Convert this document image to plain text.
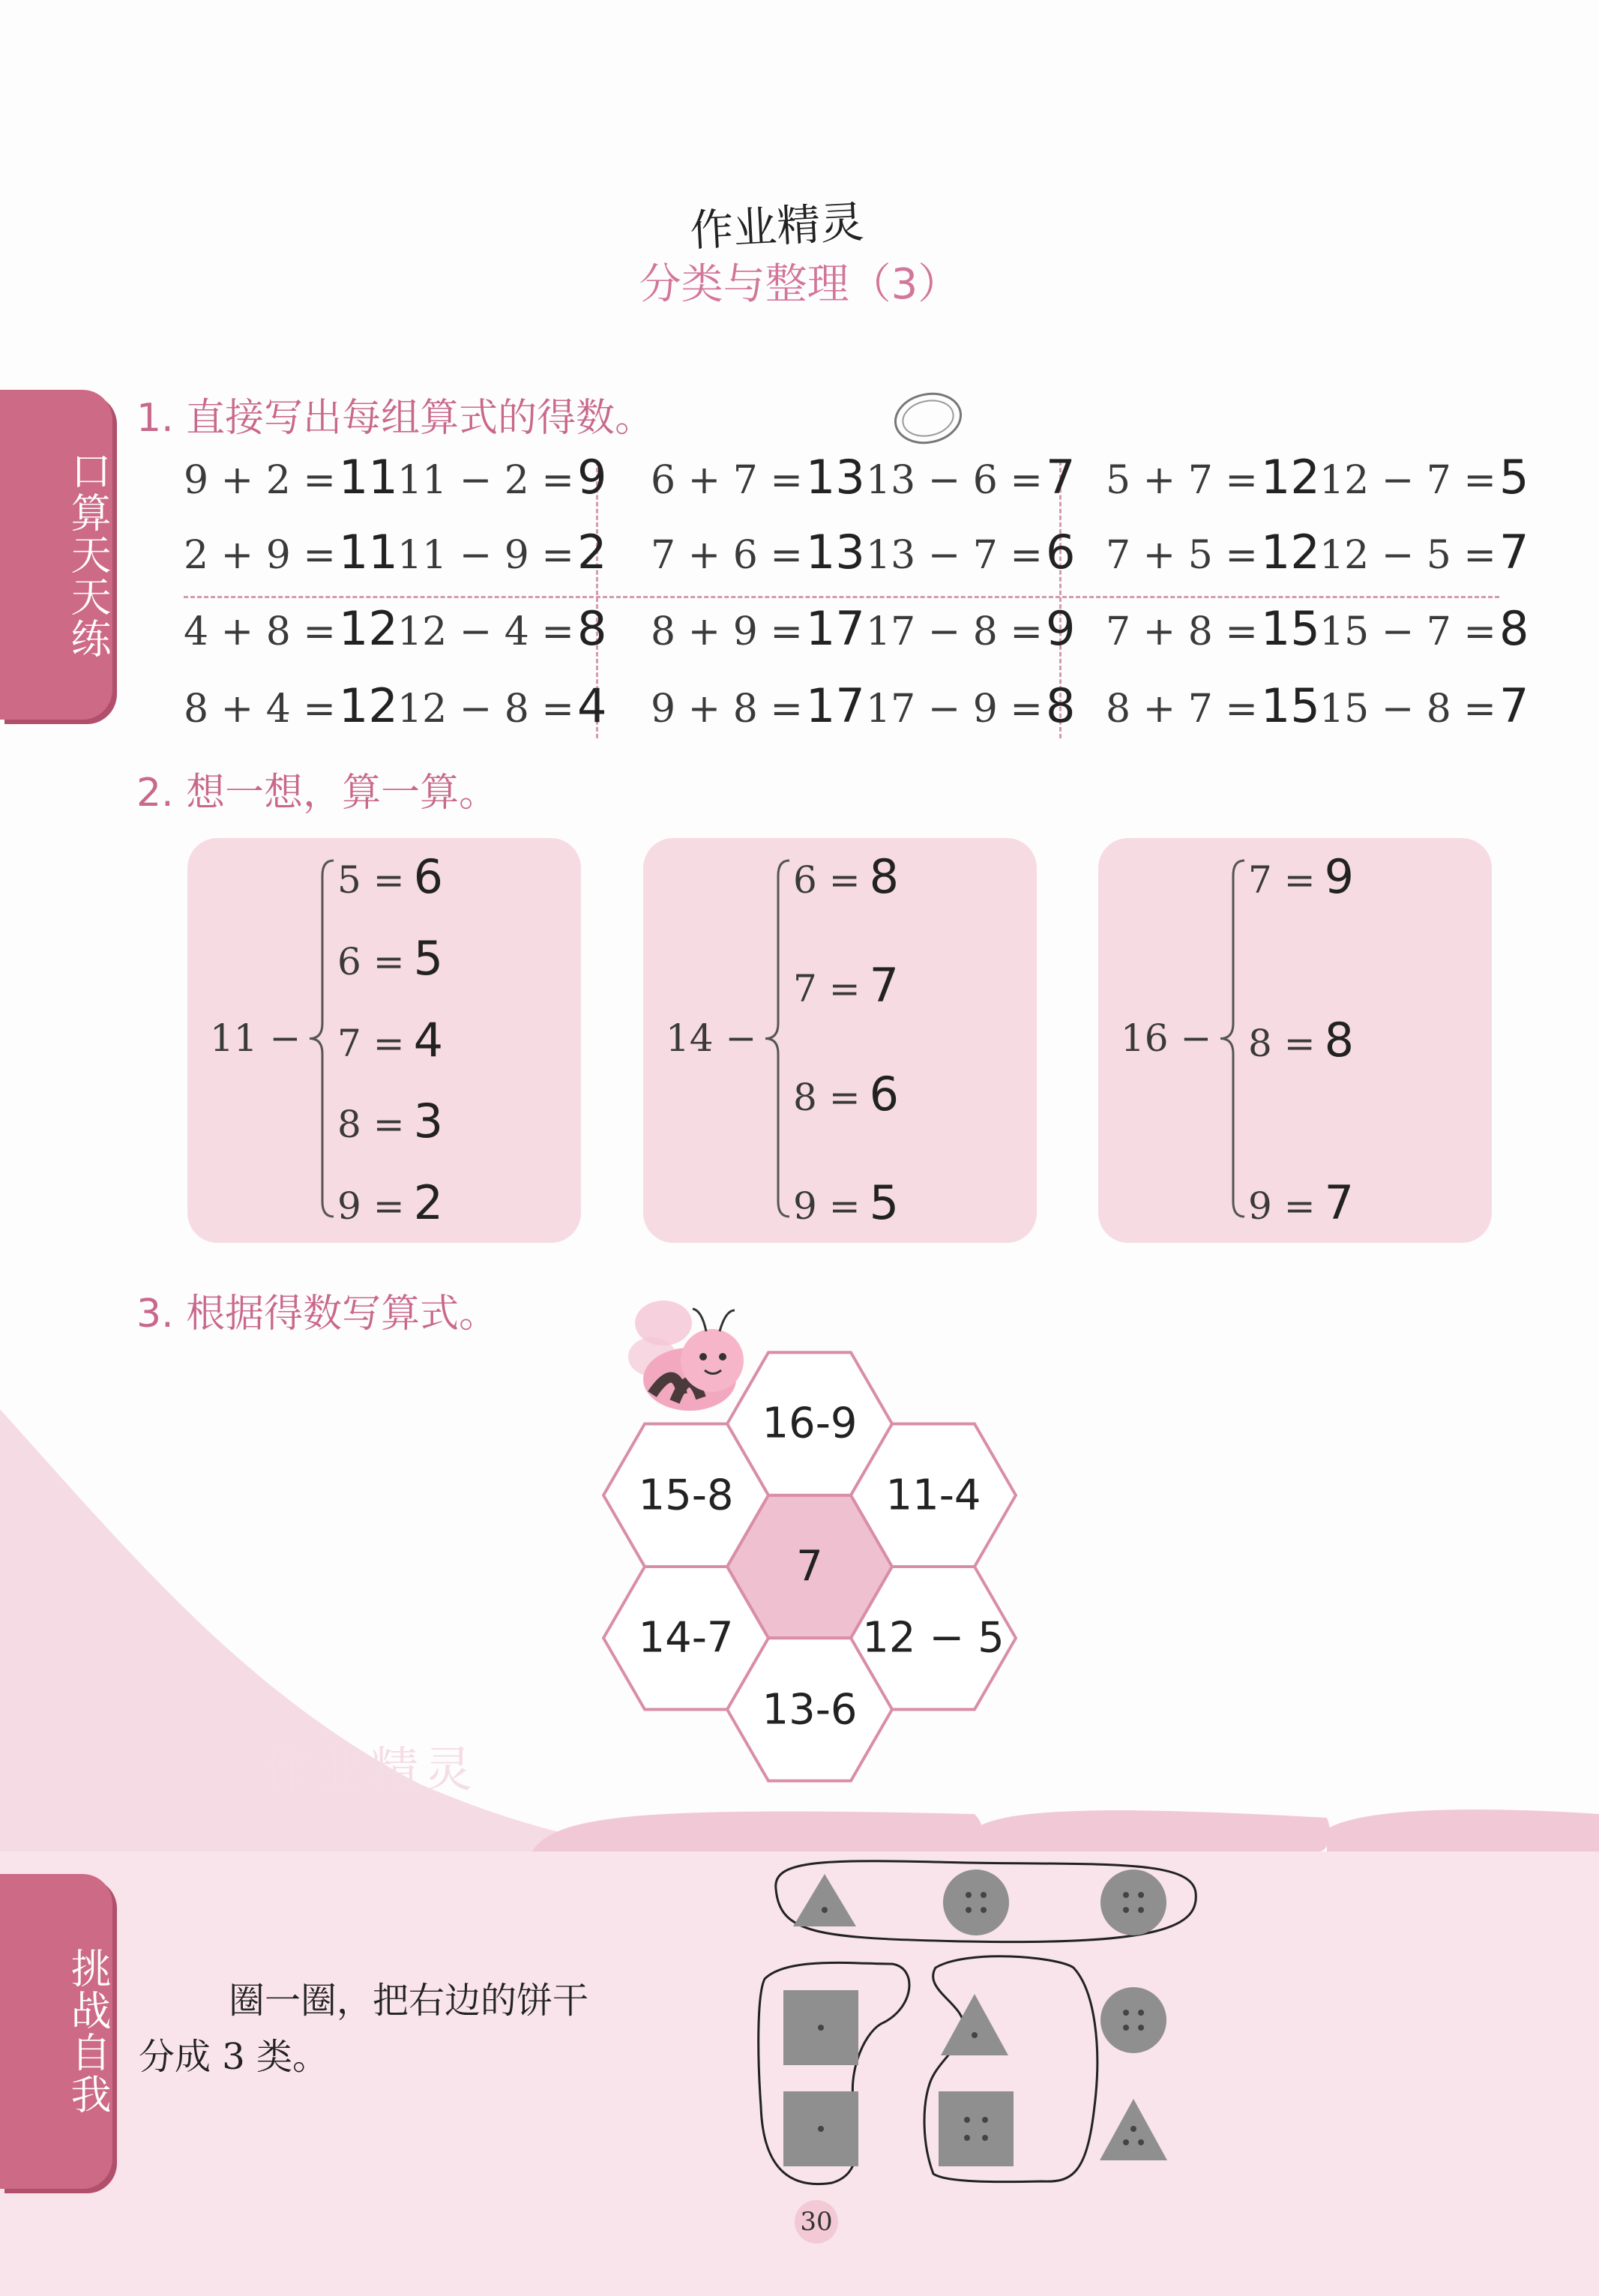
口算天天练
挑战自我
作业精灵
分类与整理（3）
1. 直接写出每组算式的得数。
9 + 2 =11 11 − 2 =9 6 + 7 =13 13 − 6 =7 5 + 7 =12 12 − 7 =5
2 + 9 =11 11 − 9 =2 7 + 6 =13 13 − 7 =6 7 + 5 =12 12 − 5 =7
4 + 8 =12 12 − 4 =8 8 + 9 =17 17 − 8 =9 7 + 8 =15 15 − 7 =8
8 + 4 =12 12 − 8 =4 9 + 8 =17 17 − 9 =8 8 + 7 =15 15 − 8 =7
2. 想一想，算一算。
11 −
5 = 6
6 = 5
7 = 4
8 = 3
9 = 2
14 −
6 = 8
7 = 7
8 = 6
9 = 5
16 −
7 = 9
8 = 8
9 = 7
3. 根据得数写算式。
7
16-9
11-4
12 − 5
13-6
14-7
15-8
圈一圈，把右边的饼干
分成 3 类。
作业精灵
30
